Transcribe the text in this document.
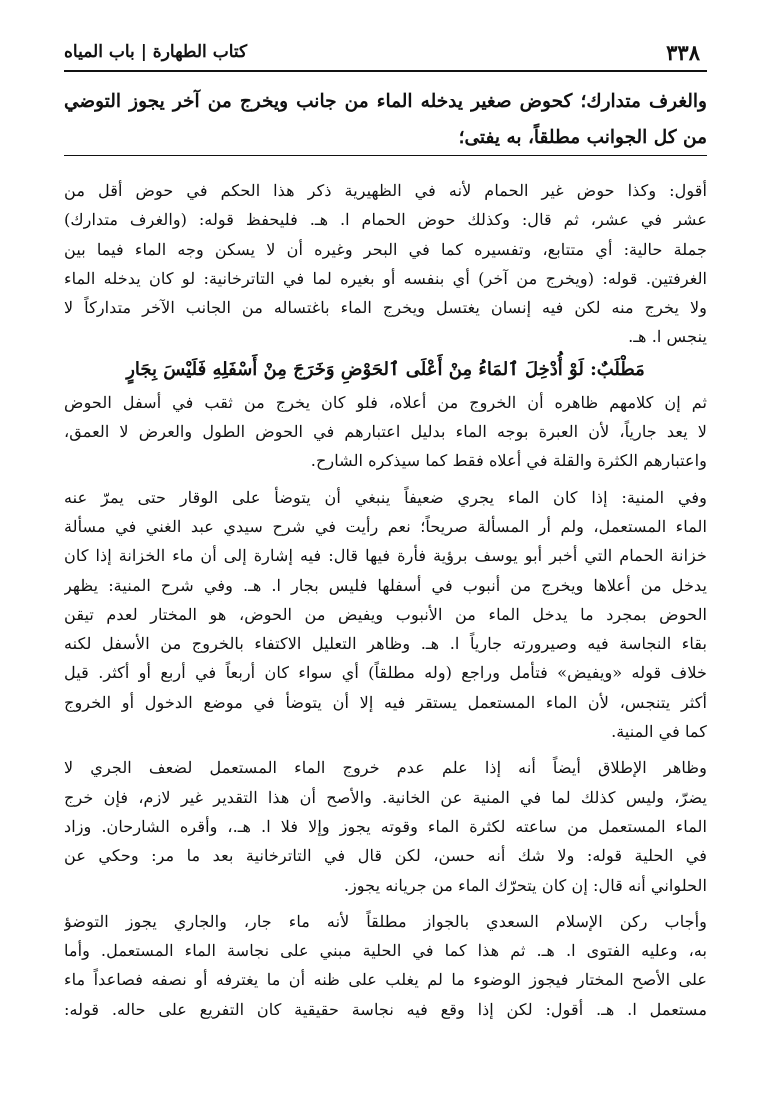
٣٣٨
كتاب الطهارة | باب المياه
والغرف متدارك؛ كحوض صغير يدخله الماء من جانب ويخرج من آخر يجوز التوضي
من كل الجوانب مطلقاً، به يفتى؛
أقول: وكذا حوض غير الحمام لأنه في الظهيرية ذكر هذا الحكم في حوض أقل من
عشر في عشر، ثم قال: وكذلك حوض الحمام ا. هـ. فليحفظ قوله: (والغرف متدارك)
جملة حالية: أي متتابع، وتفسيره كما في البحر وغيره أن لا يسكن وجه الماء فيما بين
الغرفتين. قوله: (ويخرج من آخر) أي بنفسه أو بغيره لما في التاترخانية: لو كان يدخله الماء
ولا يخرج منه لكن فيه إنسان يغتسل ويخرج الماء باغتساله من الجانب الآخر متداركاً لا
ينجس ا. هـ.
مَطْلَبٌ: لَوْ أُدْخِلَ ٱلمَاءُ مِنْ أَعْلَى ٱلحَوْضِ وَخَرَجَ مِنْ أَسْفَلِهِ فَلَيْسَ بِجَارٍ
ثم إن كلامهم ظاهره أن الخروج من أعلاه، فلو كان يخرج من ثقب في أسفل الحوض
لا يعد جارياً، لأن العبرة بوجه الماء بدليل اعتبارهم في الحوض الطول والعرض لا العمق،
واعتبارهم الكثرة والقلة في أعلاه فقط كما سيذكره الشارح.
وفي المنية: إذا كان الماء يجري ضعيفاً ينبغي أن يتوضأ على الوقار حتى يمرّ عنه
الماء المستعمل، ولم أر المسألة صريحاً؛ نعم رأيت في شرح سيدي عبد الغني في مسألة
خزانة الحمام التي أخبر أبو يوسف برؤية فأرة فيها قال: فيه إشارة إلى أن ماء الخزانة إذا كان
يدخل من أعلاها ويخرج من أنبوب في أسفلها فليس بجار ا. هـ. وفي شرح المنية: يظهر
الحوض بمجرد ما يدخل الماء من الأنبوب ويفيض من الحوض، هو المختار لعدم تيقن
بقاء النجاسة فيه وصيرورته جارياً ا. هـ. وظاهر التعليل الاكتفاء بالخروج من الأسفل لكنه
خلاف قوله «ويفيض» فتأمل وراجع (وله مطلقاً) أي سواء كان أربعاً في أربع أو أكثر. قيل
أكثر يتنجس، لأن الماء المستعمل يستقر فيه إلا أن يتوضأ في موضع الدخول أو الخروج
كما في المنية.
وظاهر الإطلاق أيضاً أنه إذا علم عدم خروج الماء المستعمل لضعف الجري لا
يضرّ، وليس كذلك لما في المنية عن الخانية. والأصح أن هذا التقدير غير لازم، فإن خرج
الماء المستعمل من ساعته لكثرة الماء وقوته يجوز وإلا فلا ا. هـ.، وأقره الشارحان. وزاد
في الحلية قوله: ولا شك أنه حسن، لكن قال في التاترخانية بعد ما مر: وحكي عن
الحلواني أنه قال: إن كان يتحرّك الماء من جريانه يجوز.
وأجاب ركن الإسلام السعدي بالجواز مطلقاً لأنه ماء جار، والجاري يجوز التوضؤ
به، وعليه الفتوى ا. هـ. ثم هذا كما في الحلية مبني على نجاسة الماء المستعمل. وأما
على الأصح المختار فيجوز الوضوء ما لم يغلب على ظنه أن ما يغترفه أو نصفه فصاعداً ماء
مستعمل ا. هـ. أقول: لكن إذا وقع فيه نجاسة حقيقية كان التفريع على حاله. قوله:
